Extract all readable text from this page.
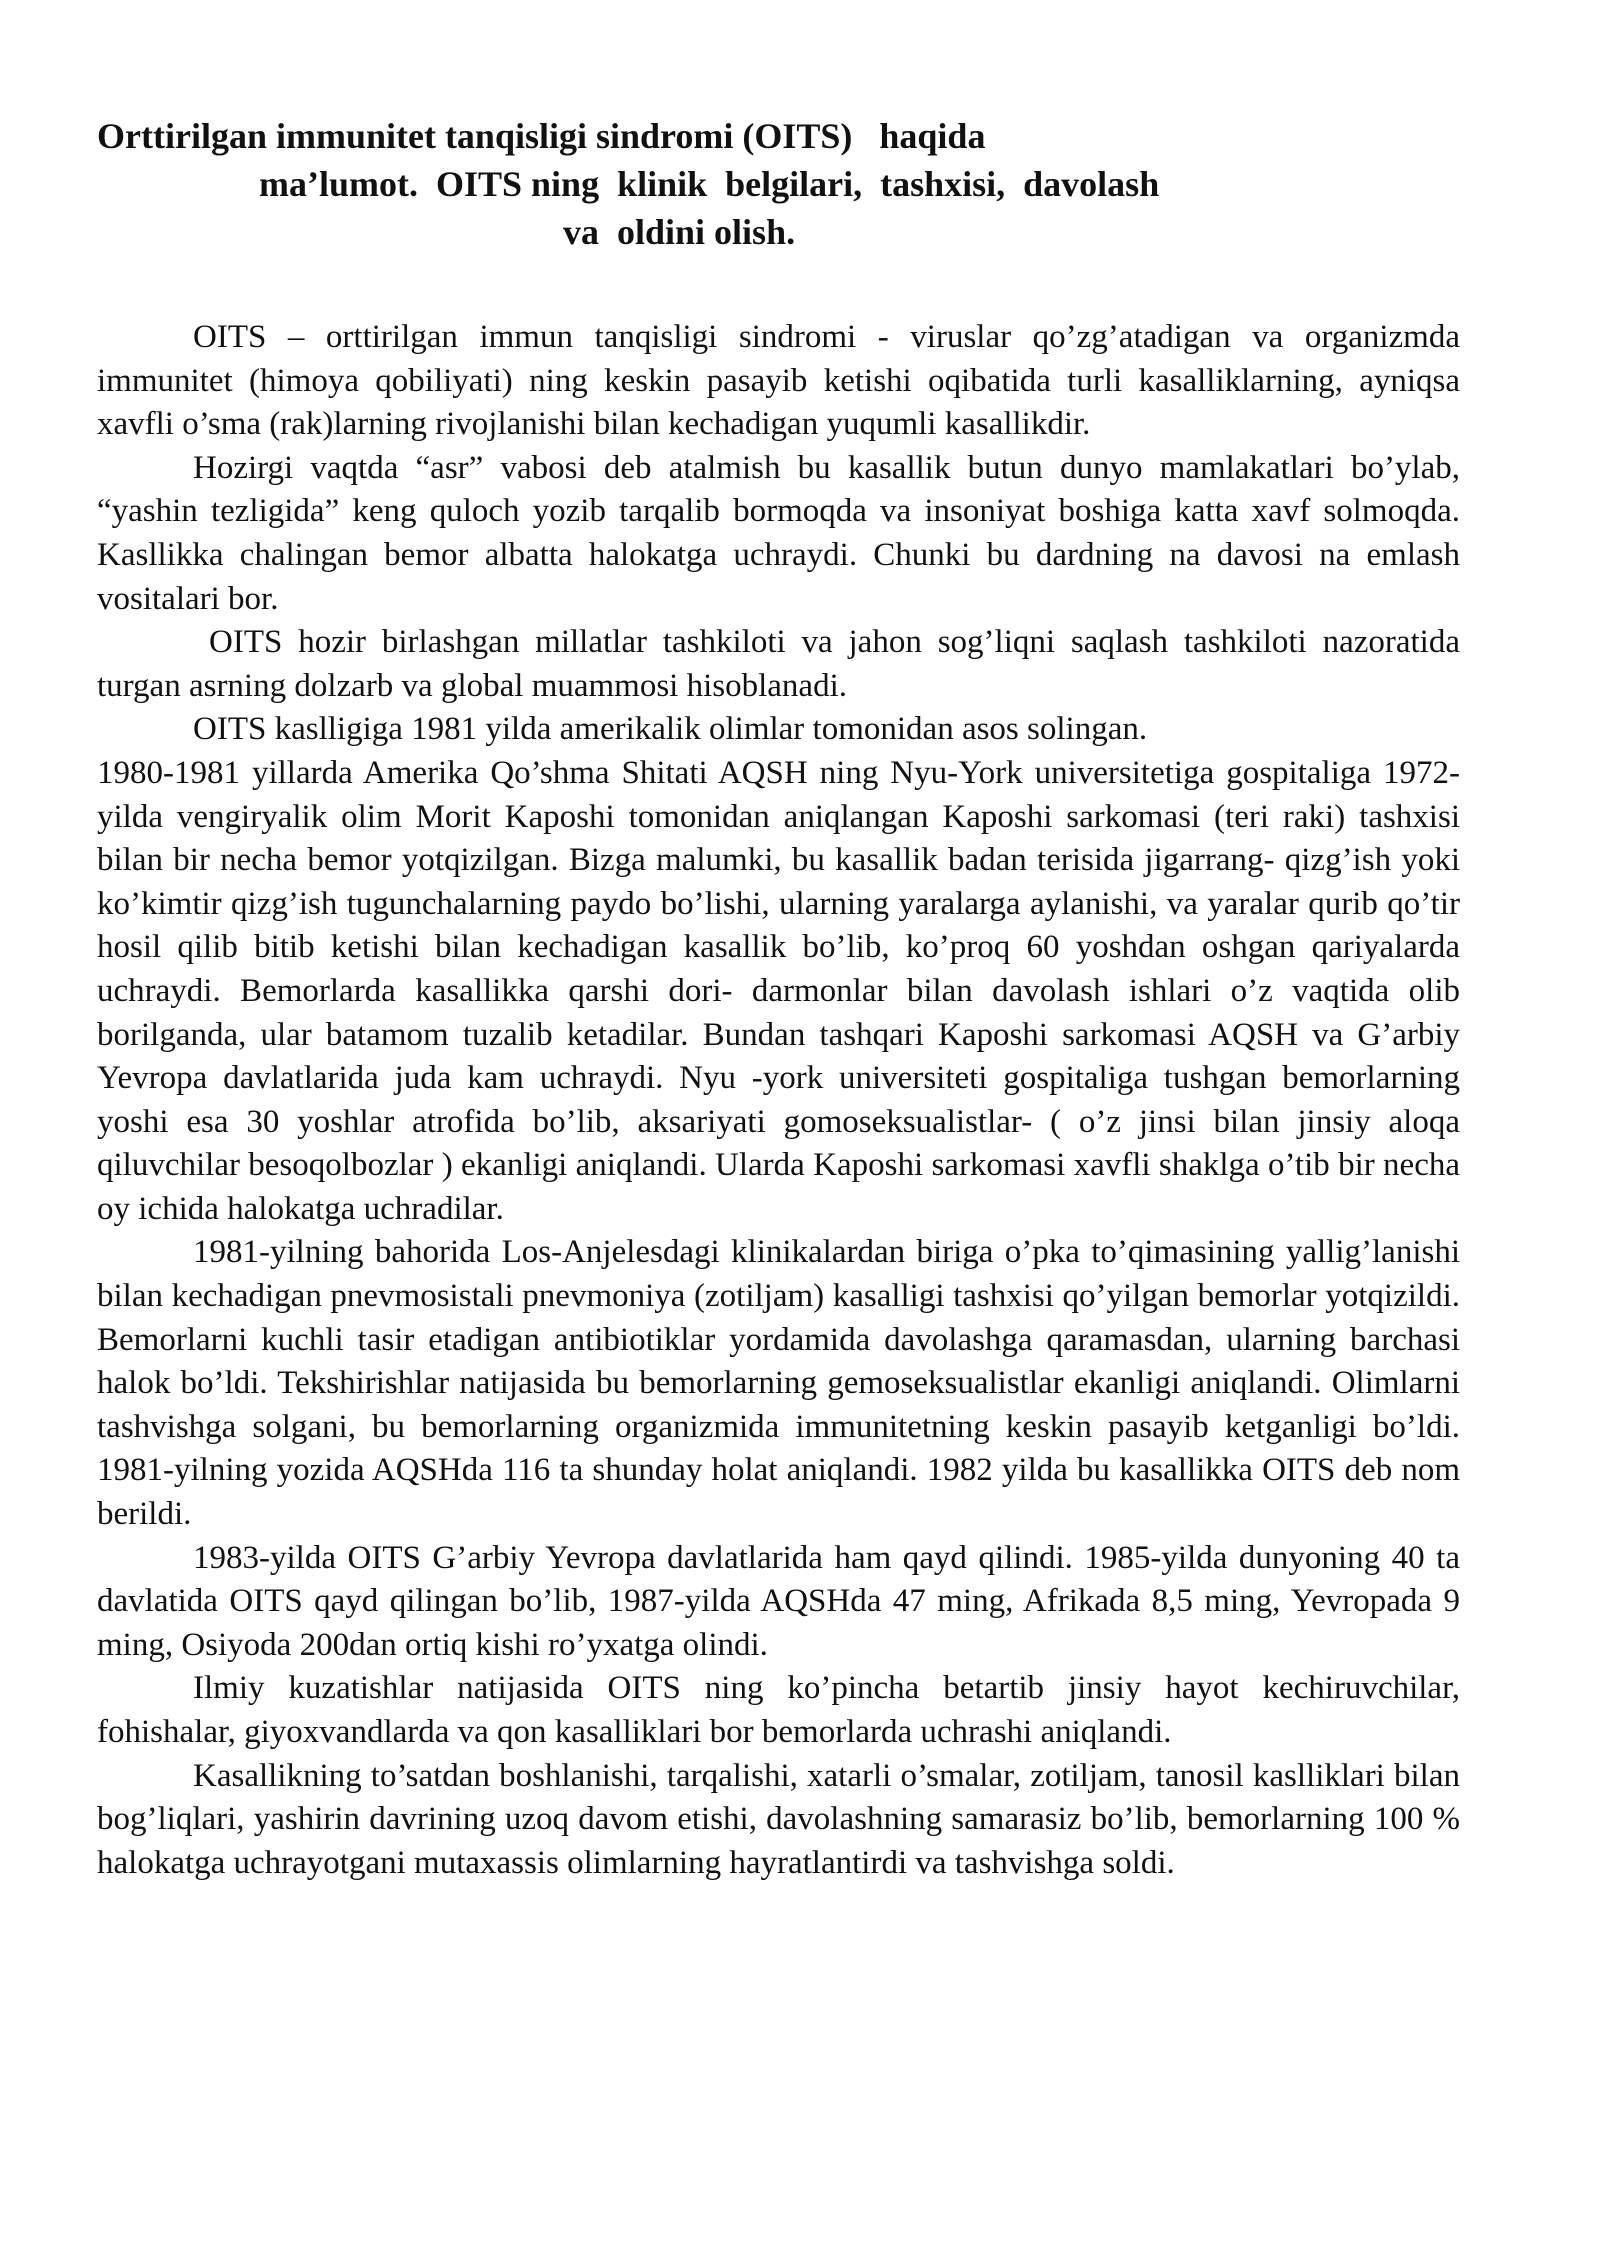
Orttirilgan immunitet tanqisligi sindromi (OITS)   haqida
ma’lumot.  OITS ning  klinik  belgilari,  tashxisi,  davolash
va  oldini olish.

OITS – orttirilgan immun tanqisligi sindromi - viruslar qo’zg’atadigan va organizmda immunitet (himoya qobiliyati) ning keskin pasayib ketishi oqibatida turli kasalliklarning, ayniqsa xavfli o’sma (rak)larning rivojlanishi bilan kechadigan yuqumli kasallikdir.

Hozirgi vaqtda “asr” vabosi deb atalmish bu kasallik butun dunyo mamlakatlari bo’ylab, “yashin tezligida” keng quloch yozib tarqalib bormoqda va insoniyat boshiga katta xavf solmoqda. Kasllikka chalingan bemor albatta halokatga uchraydi. Chunki bu dardning na davosi na emlash vositalari bor.

OITS hozir birlashgan millatlar tashkiloti va jahon sog’liqni saqlash tashkiloti nazoratida turgan asrning dolzarb va global muammosi hisoblanadi.

OITS kaslligiga 1981 yilda amerikalik olimlar tomonidan asos solingan.

1980-1981 yillarda Amerika Qo’shma Shitati AQSH ning Nyu-York universitetiga gospitaliga 1972- yilda vengiryalik olim Morit Kaposhi tomonidan aniqlangan Kaposhi sarkomasi (teri raki) tashxisi bilan bir necha bemor yotqizilgan. Bizga malumki, bu kasallik badan terisida jigarrang- qizg’ish yoki ko’kimtir qizg’ish tugunchalarning paydo bo’lishi, ularning yaralarga aylanishi, va yaralar qurib qo’tir hosil qilib bitib ketishi bilan kechadigan kasallik bo’lib, ko’proq 60 yoshdan oshgan qariyalarda uchraydi. Bemorlarda kasallikka qarshi dori- darmonlar bilan davolash ishlari o’z vaqtida olib borilganda, ular batamom tuzalib ketadilar. Bundan tashqari Kaposhi sarkomasi AQSH va G’arbiy Yevropa davlatlarida juda kam uchraydi. Nyu -york universiteti gospitaliga tushgan bemorlarning yoshi esa 30 yoshlar atrofida bo’lib, aksariyati gomoseksualistlar- ( o’z jinsi bilan jinsiy aloqa qiluvchilar besoqolbozlar ) ekanligi aniqlandi. Ularda Kaposhi sarkomasi xavfli shaklga o’tib bir necha oy ichida halokatga uchradilar.

1981-yilning bahorida Los-Anjelesdagi klinikalardan biriga o’pka to’qimasining yallig’lanishi bilan kechadigan pnevmosistali pnevmoniya (zotiljam) kasalligi tashxisi qo’yilgan bemorlar yotqizildi. Bemorlarni kuchli tasir etadigan antibiotiklar yordamida davolashga qaramasdan, ularning barchasi halok bo’ldi. Tekshirishlar natijasida bu bemorlarning gemoseksualistlar ekanligi aniqlandi. Olimlarni tashvishga solgani, bu bemorlarning organizmida immunitetning keskin pasayib ketganligi bo’ldi. 1981-yilning yozida AQSHda 116 ta shunday holat aniqlandi. 1982 yilda bu kasallikka OITS deb nom berildi.

1983-yilda OITS G’arbiy Yevropa davlatlarida ham qayd qilindi. 1985-yilda dunyoning 40 ta davlatida OITS qayd qilingan bo’lib, 1987-yilda AQSHda 47 ming, Afrikada 8,5 ming, Yevropada 9 ming, Osiyoda 200dan ortiq kishi ro’yxatga olindi.

Ilmiy kuzatishlar natijasida OITS ning ko’pincha betartib jinsiy hayot kechiruvchilar, fohishalar, giyoxvandlarda va qon kasalliklari bor bemorlarda uchrashi aniqlandi.

Kasallikning to’satdan boshlanishi, tarqalishi, xatarli o’smalar, zotiljam, tanosil kaslliklari bilan bog’liqlari, yashirin davrining uzoq davom etishi, davolashning samarasiz bo’lib, bemorlarning 100 % halokatga uchrayotgani mutaxassis olimlarning hayratlantirdi va tashvishga soldi.
